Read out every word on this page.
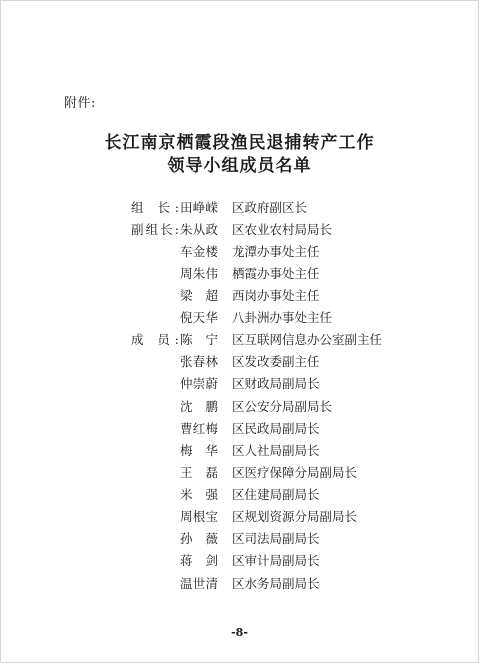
附件:
长江南京栖霞段渔民退捕转产工作
领导小组成员名单
组 长: 田峥嵘 区政府副区长
副组长: 朱从政 区农业农村局局长
车金楼 龙潭办事处主任
周朱伟 栖霞办事处主任
梁 超 西岗办事处主任
倪天华 八卦洲办事处主任
成 员: 陈 宁 区互联网信息办公室副主任
张春林 区发改委副主任
仲崇蔚 区财政局副局长
沈 鹏 区公安分局副局长
曹红梅 区民政局副局长
梅 华 区人社局副局长
王 磊 区医疗保障分局副局长
米 强 区住建局副局长
周根宝 区规划资源分局副局长
孙 薇 区司法局副局长
蒋 剑 区审计局副局长
温世清 区水务局副局长
-8-
